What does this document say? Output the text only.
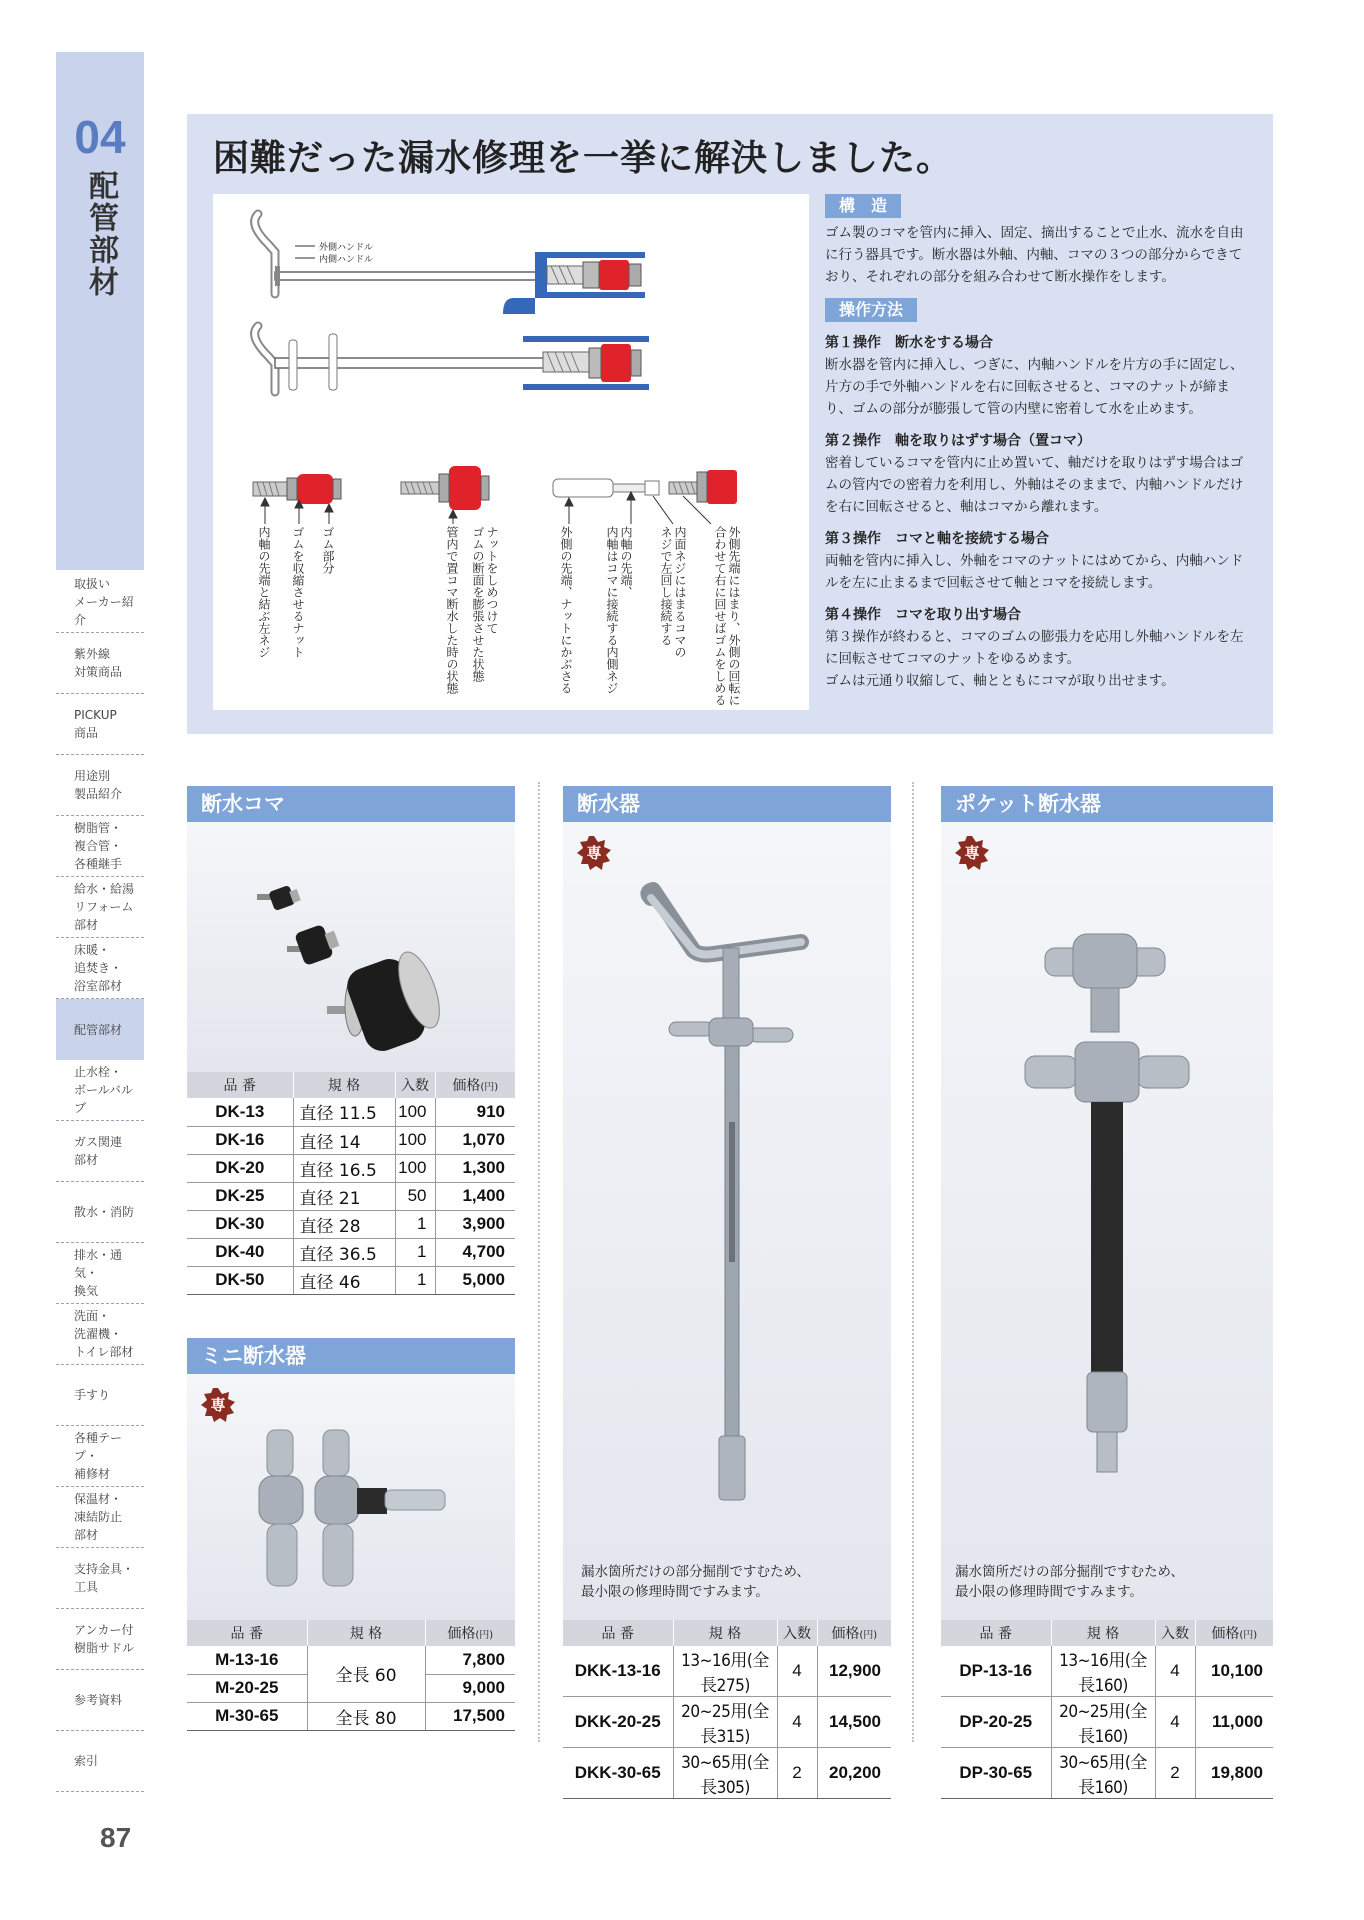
04
配管部材
取扱い
メーカー紹介
紫外線
対策商品
PICKUP
商品
用途別
製品紹介
樹脂管・
複合管・
各種継手
給水・給湯
リフォーム
部材
床暖・
追焚き・
浴室部材
配管部材
止水栓・
ボールバルブ
ガス関連
部材
散水・消防
排水・通気・
換気
洗面・
洗濯機・
トイレ部材
手すり
各種テープ・
補修材
保温材・
凍結防止
部材
支持金具・
工具
アンカー付
樹脂サドル
参考資料
索引
87
困難だった漏水修理を一挙に解決しました。
外側ハンドル
内側ハンドル
内軸の先端と結ぶ左ネジ ゴムを収縮させるナット ゴム部分	管内で置コマ断水した時の状態	ナットをしめつけて
ゴムの断面を膨張させた状態	外側の先端、ナットにかぶさる	内軸の先端、
内軸はコマに接続する内側ネジ	内面ネジにはまるコマの
ネジで左回し接続する	外側先端にはまり、外側の回転に
合わせて右に回せばゴムをしめる
構　造
ゴム製のコマを管内に挿入、固定、摘出することで止水、流水を自由に行う器具です。断水器は外軸、内軸、コマの３つの部分からできており、それぞれの部分を組み合わせて断水操作をします。
操作方法
第１操作　断水をする場合
断水器を管内に挿入し、つぎに、内軸ハンドルを片方の手に固定し、片方の手で外軸ハンドルを右に回転させると、コマのナットが締まり、ゴムの部分が膨張して管の内壁に密着して水を止めます。
第２操作　軸を取りはずす場合（置コマ）
密着しているコマを管内に止め置いて、軸だけを取りはずす場合はゴムの管内での密着力を利用し、外軸はそのままで、内軸ハンドルだけを右に回転させると、軸はコマから離れます。
第３操作　コマと軸を接続する場合
両軸を管内に挿入し、外軸をコマのナットにはめてから、内軸ハンドルを左に止まるまで回転させて軸とコマを接続します。
第４操作　コマを取り出す場合
第３操作が終わると、コマのゴムの膨張力を応用し外軸ハンドルを左に回転させてコマのナットをゆるめます。
ゴムは元通り収縮して、軸とともにコマが取り出せます。
断水コマ
品 番	規 格	入数	価格(円)
DK-13	直径 11.5	100	910
DK-16	直径 14	100	1,070
DK-20	直径 16.5	100	1,300
DK-25	直径 21	50	1,400
DK-30	直径 28	1	3,900
DK-40	直径 36.5	1	4,700
DK-50	直径 46	1	5,000
ミニ断水器
専
品 番	規 格	価格(円)
M-13-16	全長 60	7,800
M-20-25		9,000
M-30-65	全長 80	17,500
断水器
専
漏水箇所だけの部分掘削ですむため、
最小限の修理時間ですみます。
品 番	規 格	入数	価格(円)
DKK-13-16	13~16用(全長275)	4	12,900
DKK-20-25	20~25用(全長315)	4	14,500
DKK-30-65	30~65用(全長305)	2	20,200
ポケット断水器
専
漏水箇所だけの部分掘削ですむため、
最小限の修理時間ですみます。
品 番	規 格	入数	価格(円)
DP-13-16	13~16用(全長160)	4	10,100
DP-20-25	20~25用(全長160)	4	11,000
DP-30-65	30~65用(全長160)	2	19,800
